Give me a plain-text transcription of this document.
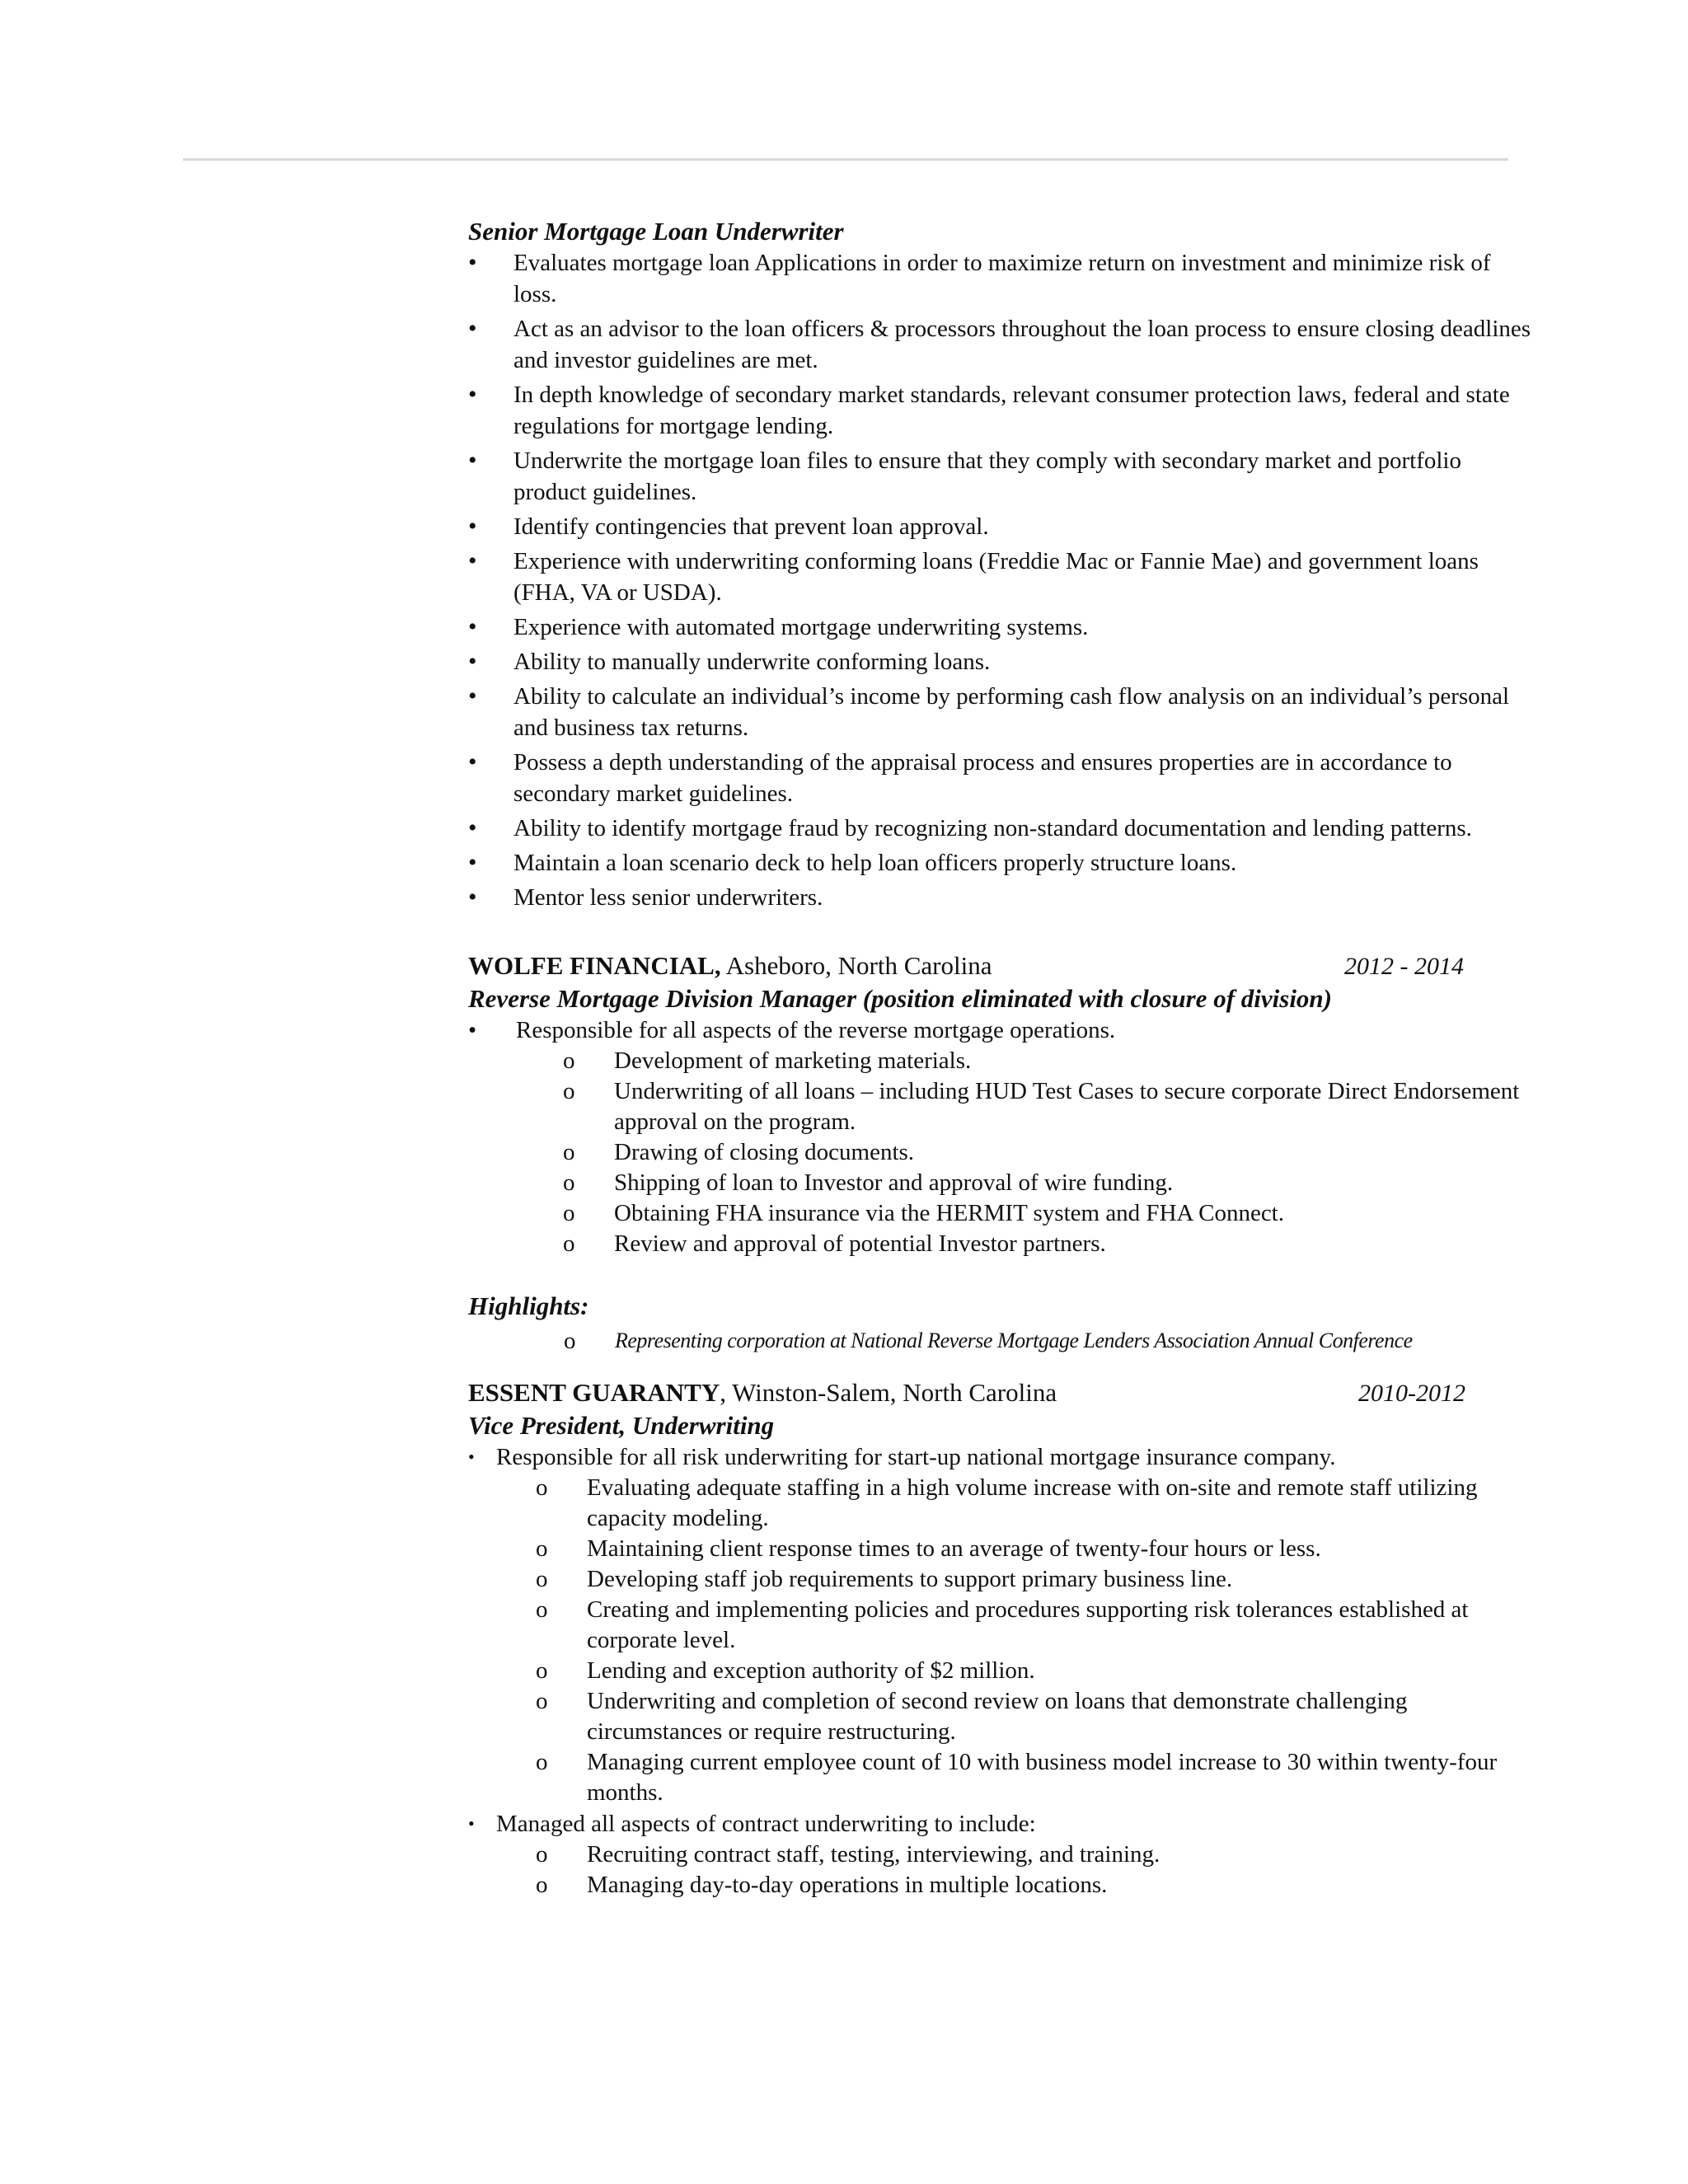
Senior Mortgage Loan Underwriter
• Evaluates mortgage loan Applications in order to maximize return on investment and minimize risk of loss.
• Act as an advisor to the loan officers & processors throughout the loan process to ensure closing deadlines and investor guidelines are met.
• In depth knowledge of secondary market standards, relevant consumer protection laws, federal and state regulations for mortgage lending.
• Underwrite the mortgage loan files to ensure that they comply with secondary market and portfolio product guidelines.
• Identify contingencies that prevent loan approval.
• Experience with underwriting conforming loans (Freddie Mac or Fannie Mae) and government loans (FHA, VA or USDA).
• Experience with automated mortgage underwriting systems.
• Ability to manually underwrite conforming loans.
• Ability to calculate an individual’s income by performing cash flow analysis on an individual’s personal and business tax returns.
• Possess a depth understanding of the appraisal process and ensures properties are in accordance to secondary market guidelines.
• Ability to identify mortgage fraud by recognizing non-standard documentation and lending patterns.
• Maintain a loan scenario deck to help loan officers properly structure loans.
• Mentor less senior underwriters.
WOLFE FINANCIAL, Asheboro, North Carolina	2012 - 2014
Reverse Mortgage Division Manager (position eliminated with closure of division)
• Responsible for all aspects of the reverse mortgage operations.
o Development of marketing materials.
o Underwriting of all loans – including HUD Test Cases to secure corporate Direct Endorsement approval on the program.
o Drawing of closing documents.
o Shipping of loan to Investor and approval of wire funding.
o Obtaining FHA insurance via the HERMIT system and FHA Connect.
o Review and approval of potential Investor partners.
Highlights:
o Representing corporation at National Reverse Mortgage Lenders Association Annual Conference
ESSENT GUARANTY, Winston-Salem, North Carolina	2010-2012
Vice President, Underwriting
• Responsible for all risk underwriting for start-up national mortgage insurance company.
o Evaluating adequate staffing in a high volume increase with on-site and remote staff utilizing capacity modeling.
o Maintaining client response times to an average of twenty-four hours or less.
o Developing staff job requirements to support primary business line.
o Creating and implementing policies and procedures supporting risk tolerances established at corporate level.
o Lending and exception authority of $2 million.
o Underwriting and completion of second review on loans that demonstrate challenging circumstances or require restructuring.
o Managing current employee count of 10 with business model increase to 30 within twenty-four months.
• Managed all aspects of contract underwriting to include:
o Recruiting contract staff, testing, interviewing, and training.
o Managing day-to-day operations in multiple locations.
